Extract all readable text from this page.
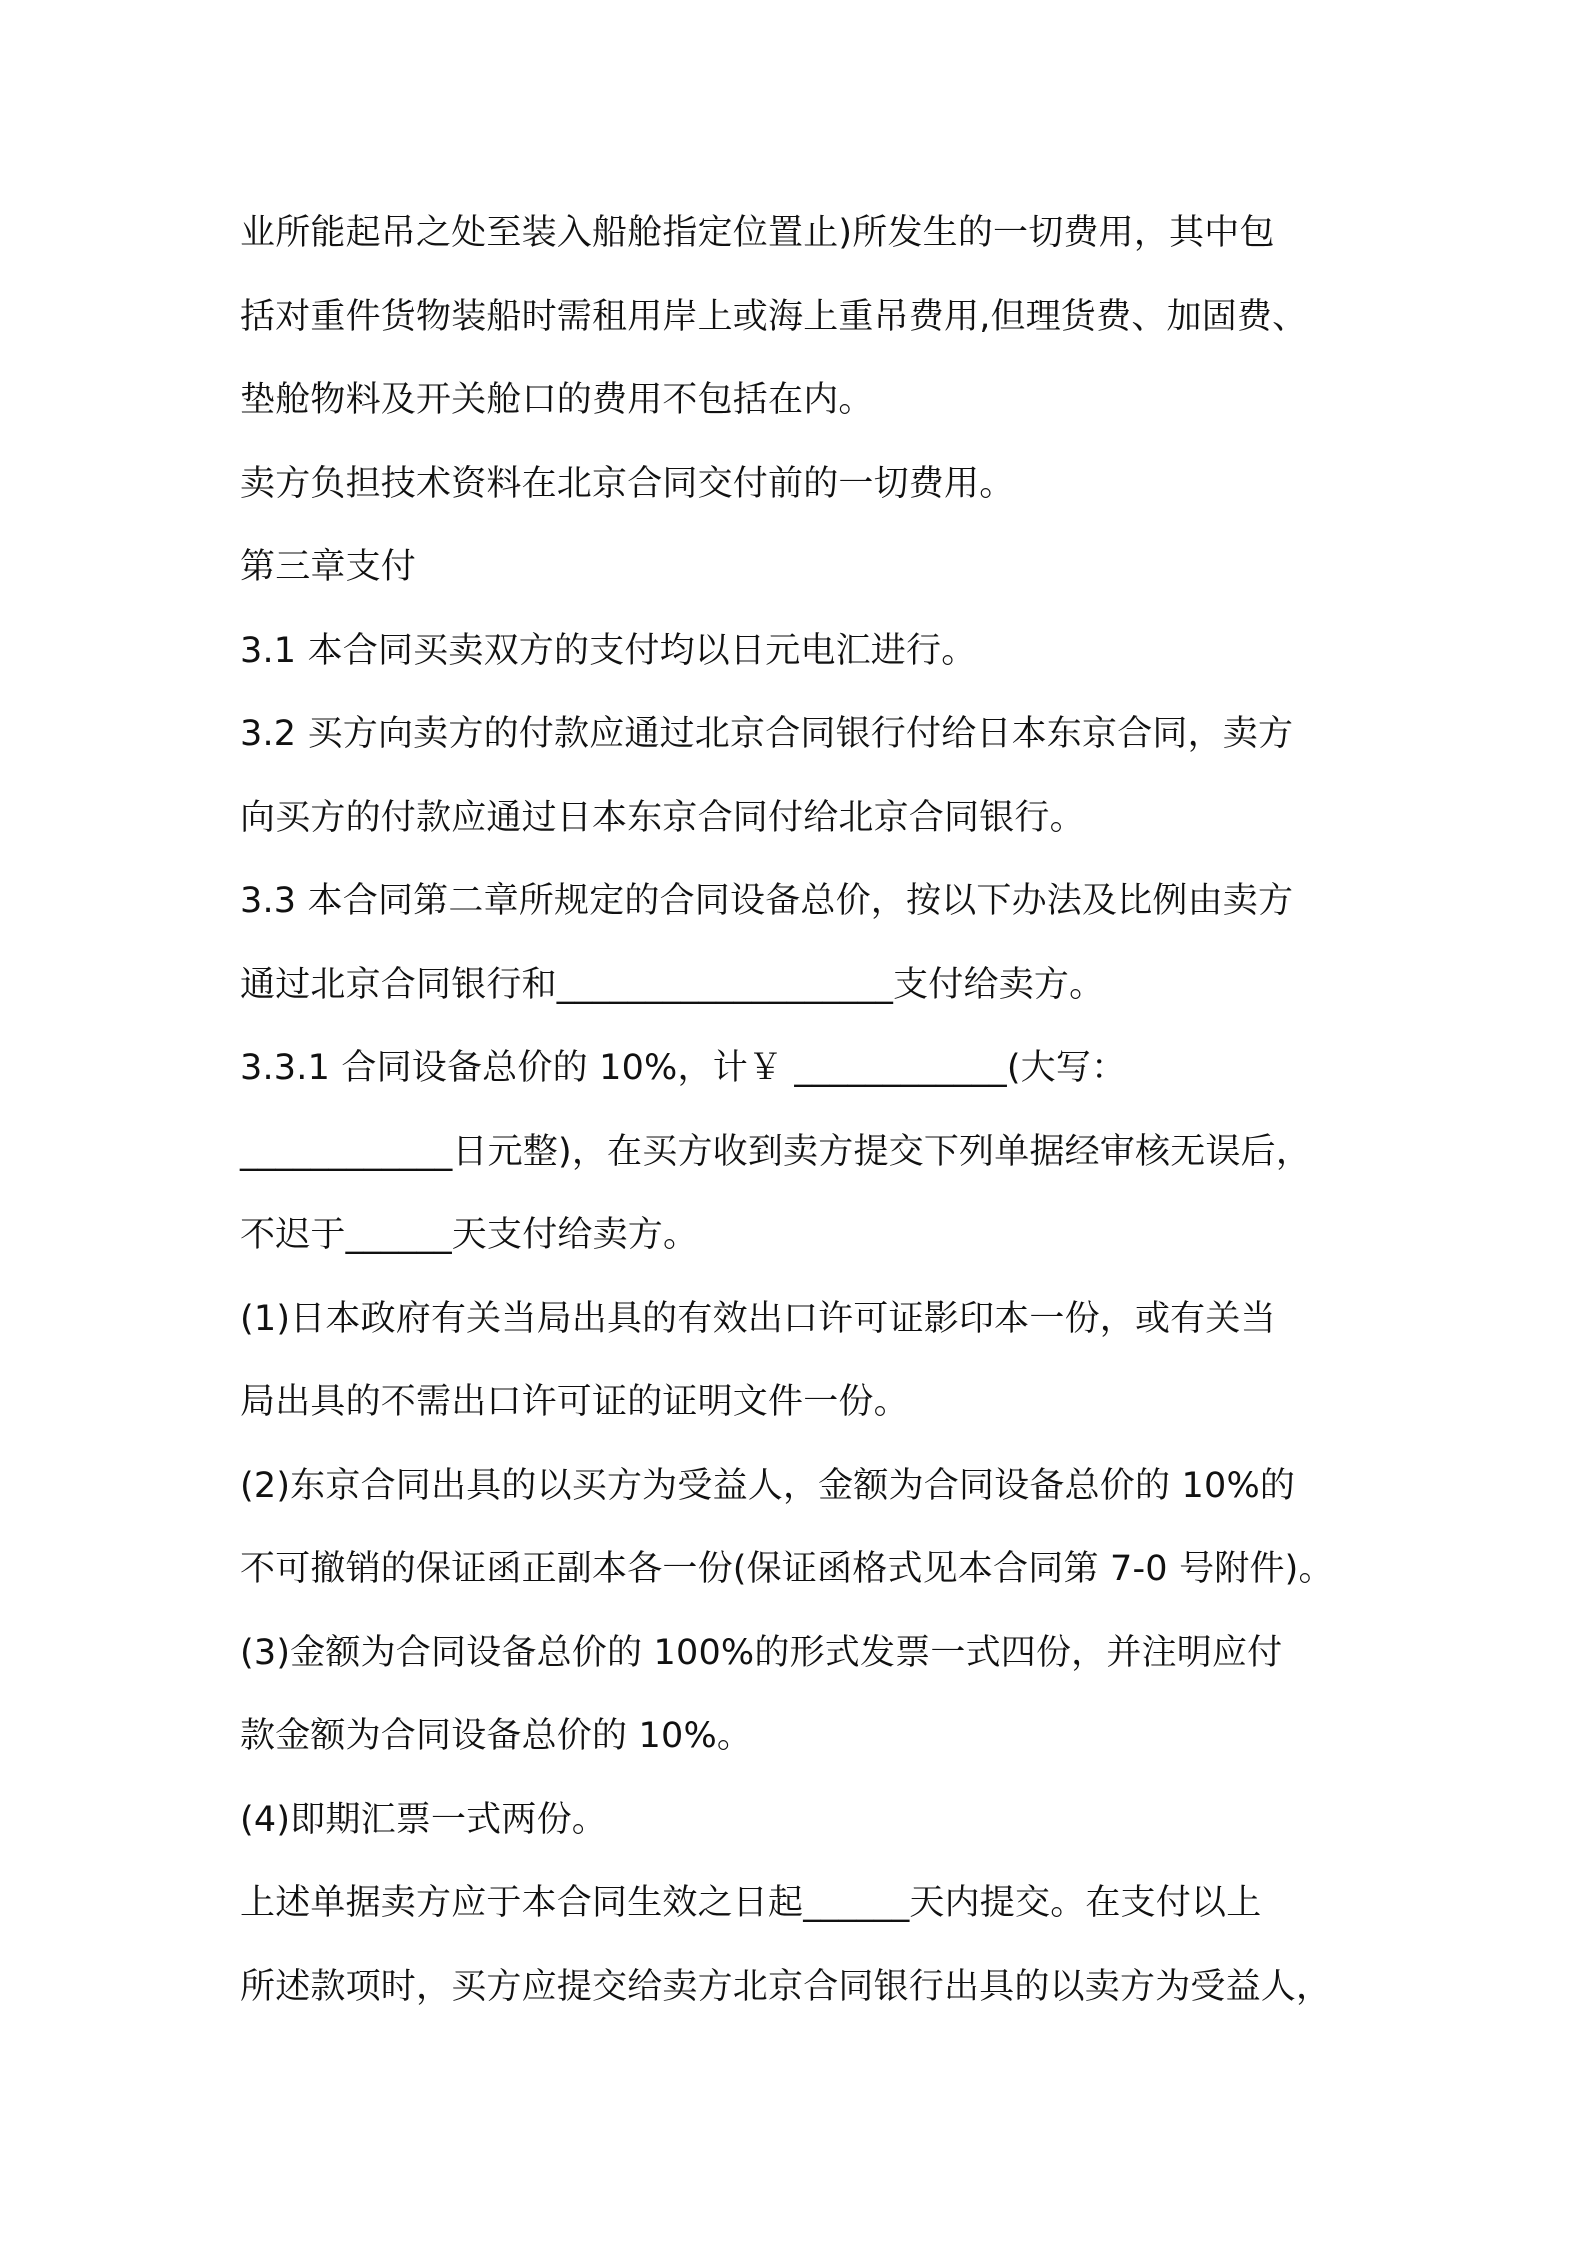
业所能起吊之处至装入船舱指定位置止)所发生的一切费用，其中包

括对重件货物装船时需租用岸上或海上重吊费用,但理货费、加固费、

垫舱物料及开关舱口的费用不包括在内。

卖方负担技术资料在北京合同交付前的一切费用。

第三章支付

3.1 本合同买卖双方的支付均以日元电汇进行。

3.2 买方向卖方的付款应通过北京合同银行付给日本东京合同，卖方

向买方的付款应通过日本东京合同付给北京合同银行。

3.3 本合同第二章所规定的合同设备总价，按以下办法及比例由卖方

通过北京合同银行和___________________支付给卖方。

3.3.1 合同设备总价的 10%，计￥ ____________(大写：

____________日元整)，在买方收到卖方提交下列单据经审核无误后，

不迟于______天支付给卖方。

(1)日本政府有关当局出具的有效出口许可证影印本一份，或有关当

局出具的不需出口许可证的证明文件一份。

(2)东京合同出具的以买方为受益人，金额为合同设备总价的 10%的

不可撤销的保证函正副本各一份(保证函格式见本合同第 7-0 号附件)。

(3)金额为合同设备总价的 100%的形式发票一式四份，并注明应付

款金额为合同设备总价的 10%。

(4)即期汇票一式两份。

上述单据卖方应于本合同生效之日起______天内提交。在支付以上

所述款项时，买方应提交给卖方北京合同银行出具的以卖方为受益人，
